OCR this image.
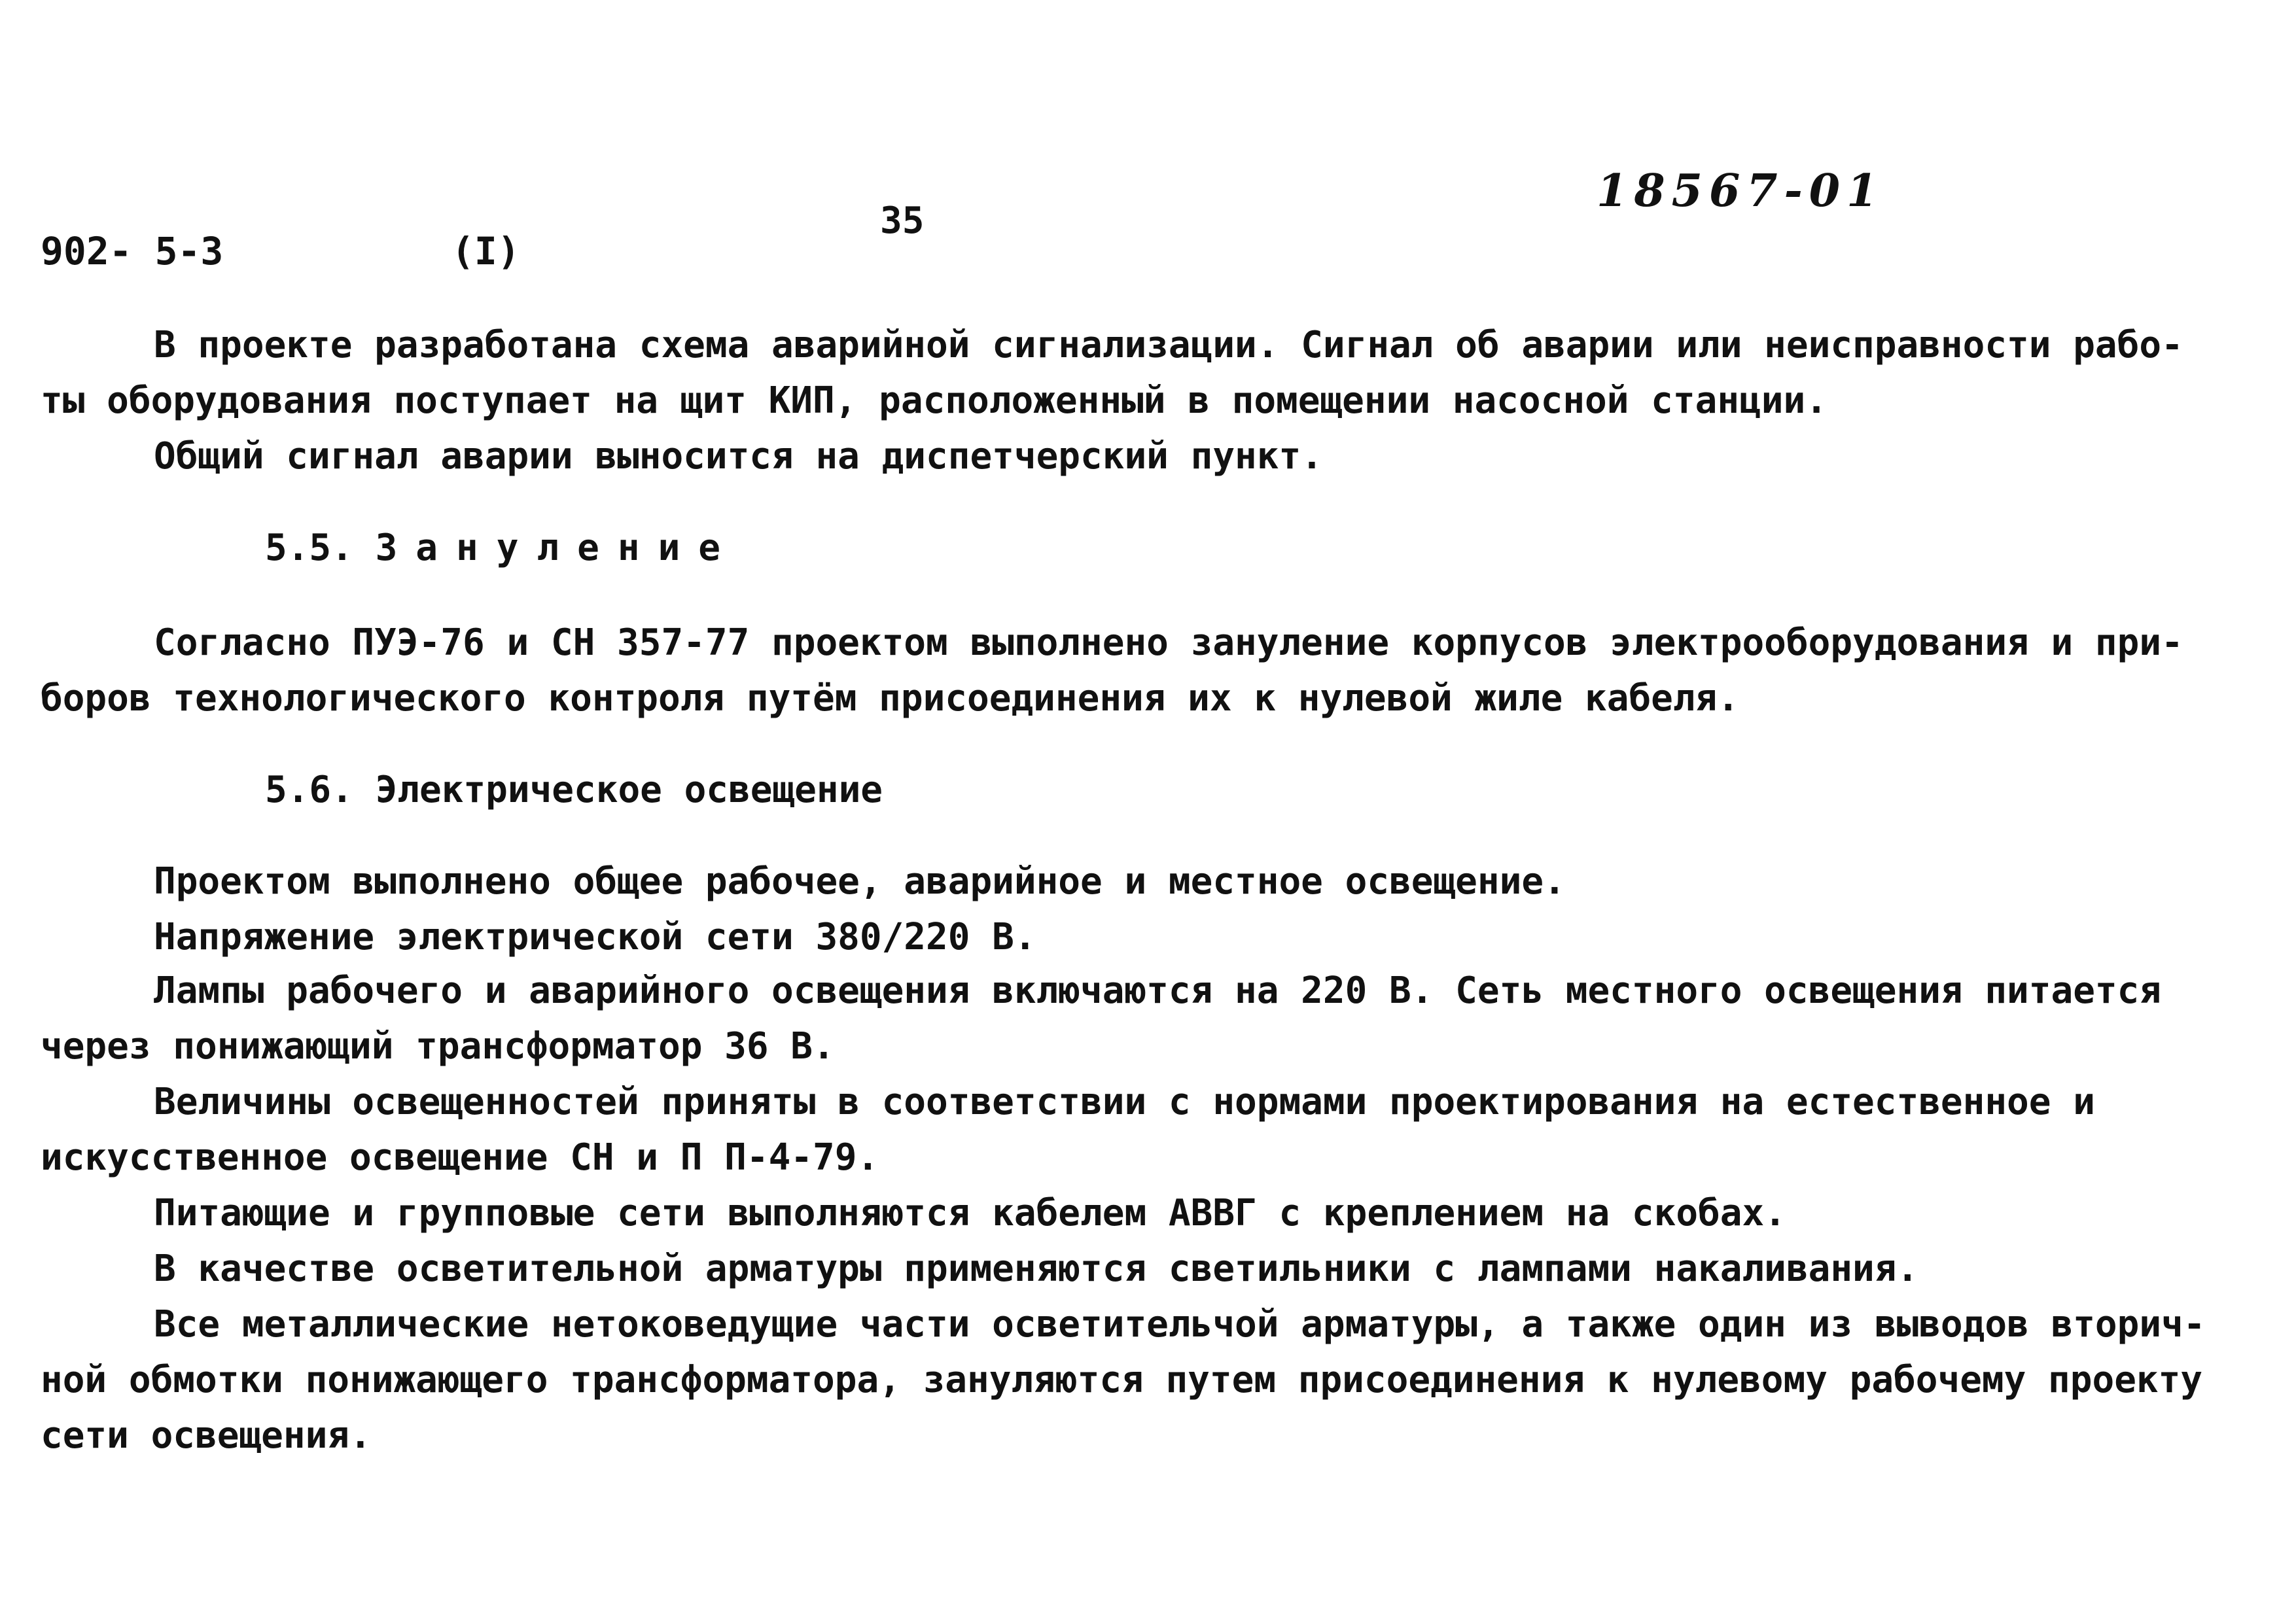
902- 5-3	(I)
35
18567-01
В проекте разработана схема аварийной сигнализации. Сигнал об аварии или неисправности рабо-
ты оборудования поступает на щит КИП, расположенный в помещении насосной станции.
Общий сигнал аварии выносится на диспетчерский пункт.
5.5. Зануление
Согласно ПУЭ-76 и СН 357-77 проектом выполнено зануление корпусов электрооборудования и при-
боров технологического контроля путём присоединения их к нулевой жиле кабеля.
5.6. Электрическое освещение
Проектом выполнено общее рабочее, аварийное и местное освещение.
Напряжение электрической сети 380/220 В.
Лампы рабочего и аварийного освещения включаются на 220 В. Сеть местного освещения питается
через понижающий трансформатор 36 В.
Величины освещенностей приняты в соответствии с нормами проектирования на естественное и
искусственное освещение СН и П П-4-79.
Питающие и групповые сети выполняются кабелем АВВГ с креплением на скобах.
В качестве осветительной арматуры применяются светильники с лампами накаливания.
Все металлические нетоковедущие части осветительчой арматуры, а также один из выводов вторич-
ной обмотки понижающего трансформатора, зануляются путем присоединения к нулевому рабочему проекту
сети освещения.
